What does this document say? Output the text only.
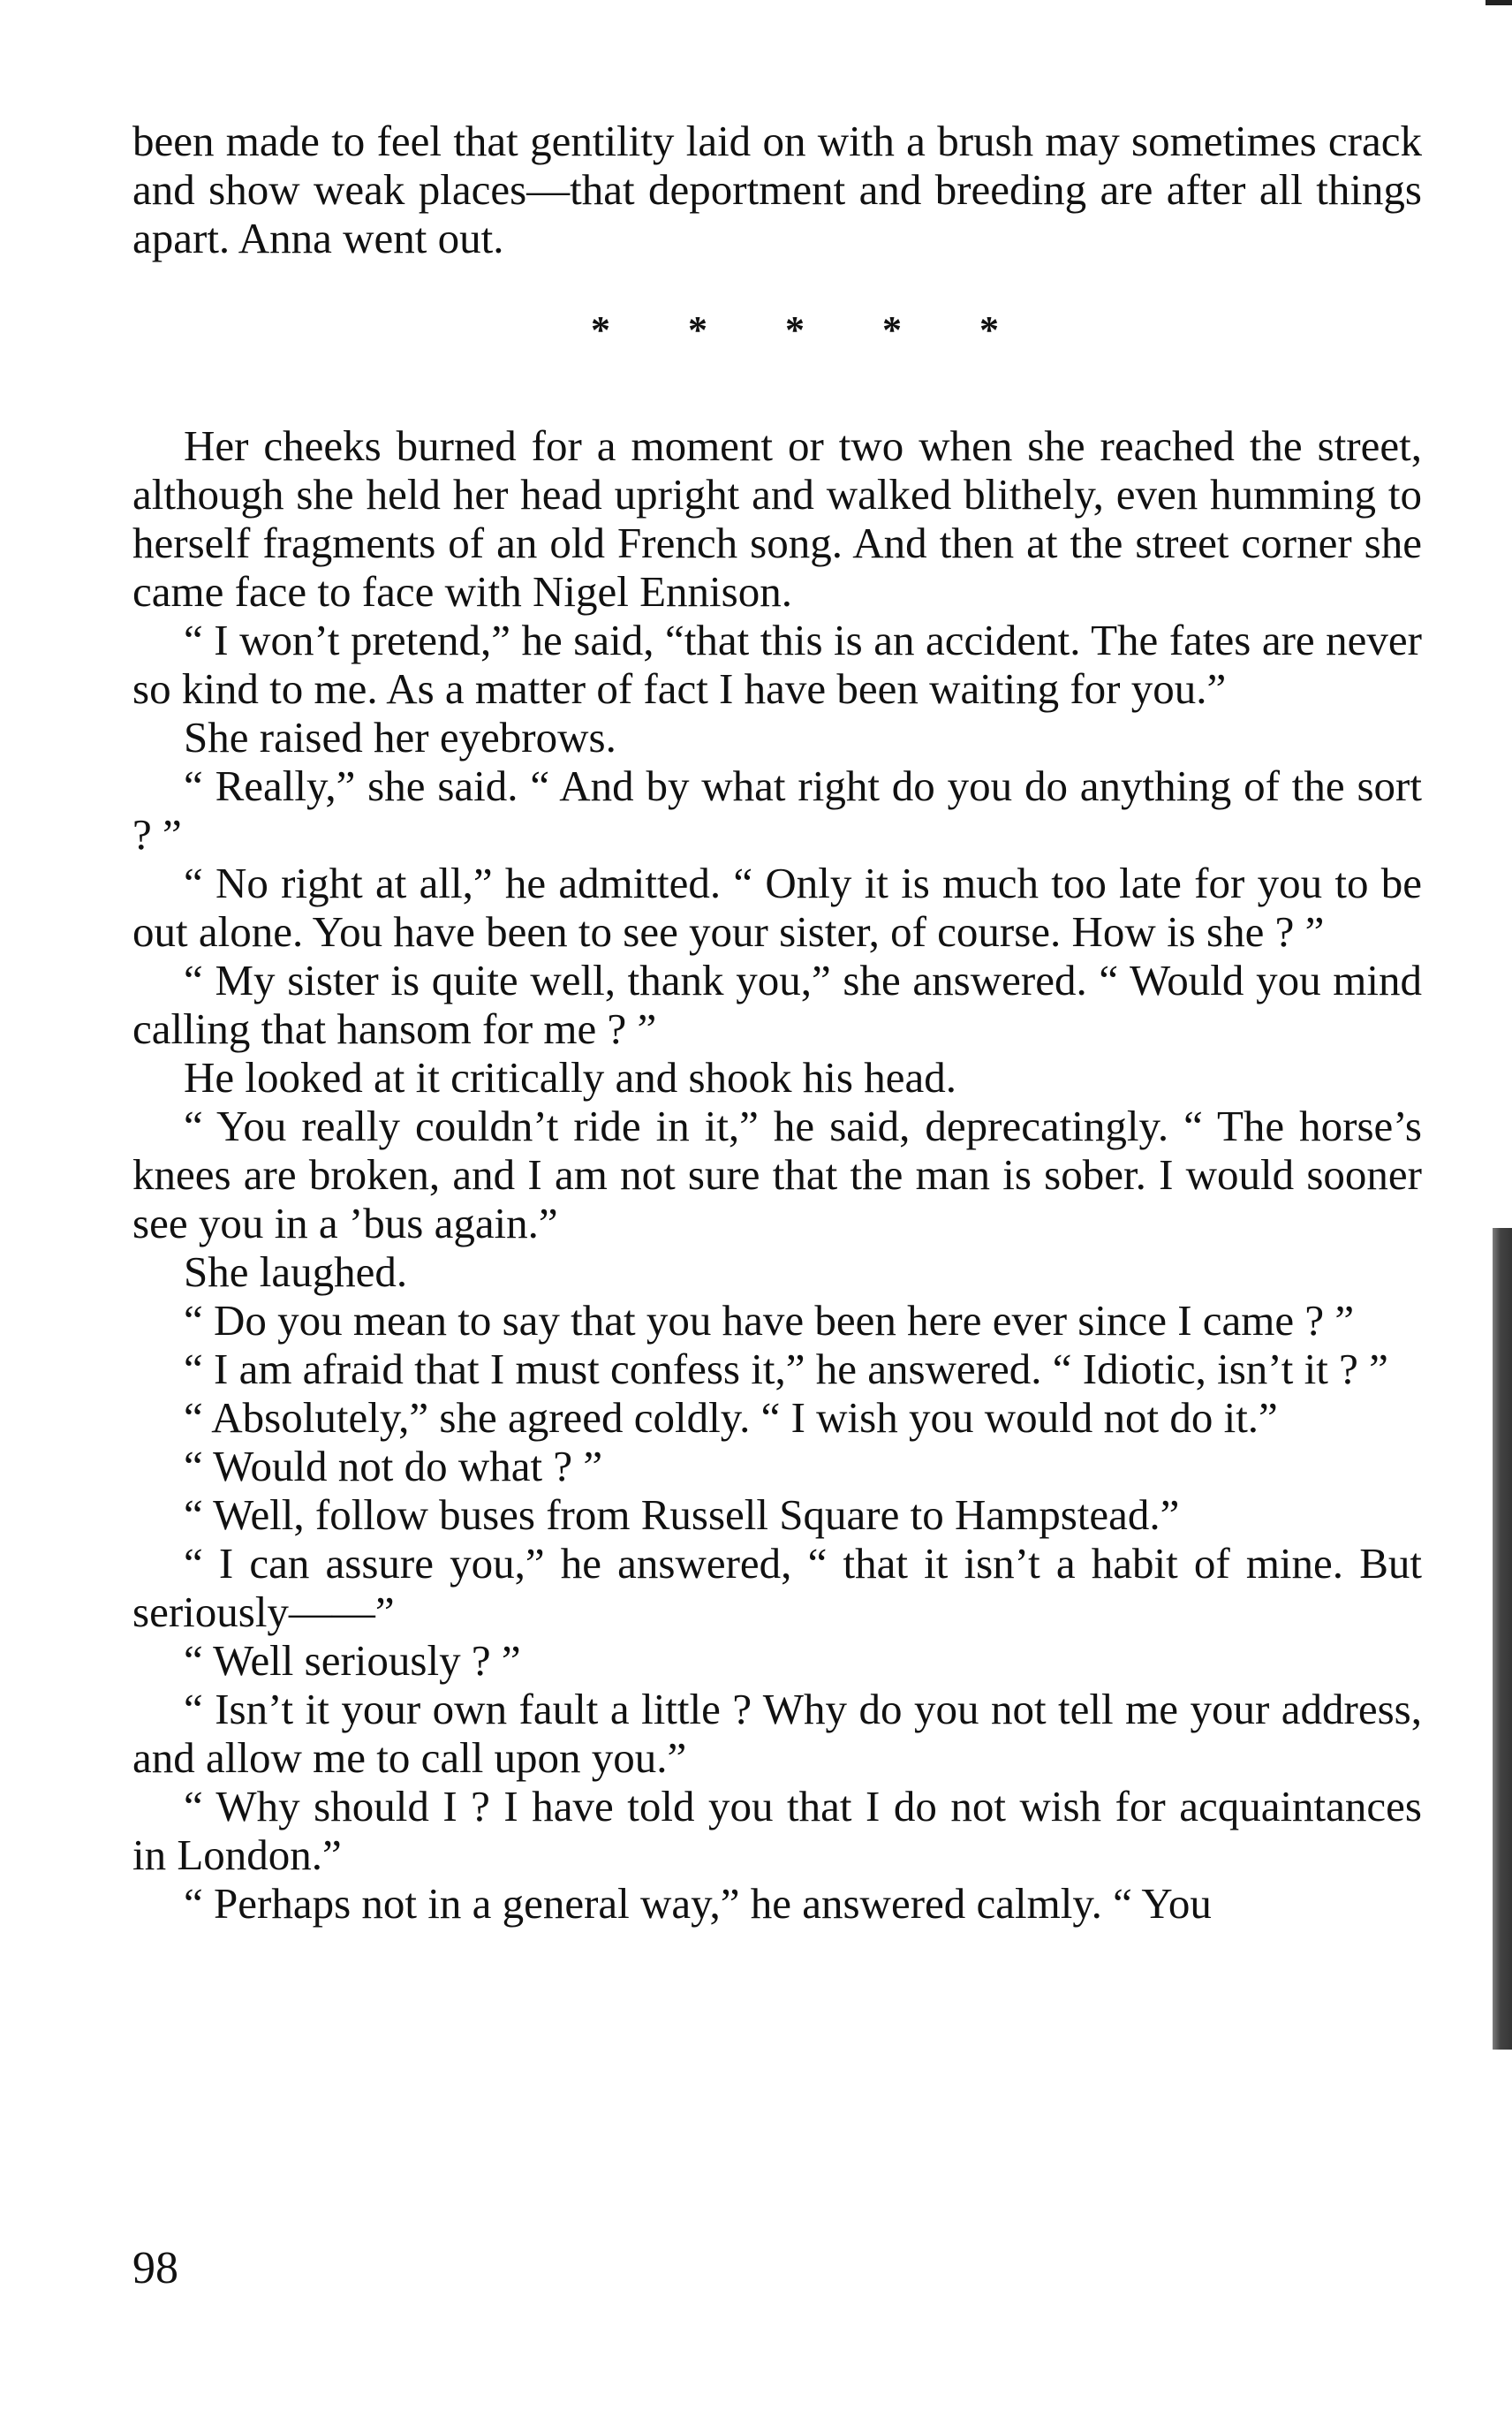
been made to feel that gentility laid on with a brush may sometimes crack and show weak places—that deportment and breeding are after all things apart. Anna went out.

* * * * *

Her cheeks burned for a moment or two when she reached the street, although she held her head upright and walked blithely, even humming to herself fragments of an old French song. And then at the street corner she came face to face with Nigel Ennison.

“ I won’t pretend,” he said, “that this is an accident. The fates are never so kind to me. As a matter of fact I have been waiting for you.”

She raised her eyebrows.

“ Really,” she said. “ And by what right do you do anything of the sort ? ”

“ No right at all,” he admitted. “ Only it is much too late for you to be out alone. You have been to see your sister, of course. How is she ? ”

“ My sister is quite well, thank you,” she answered. “ Would you mind calling that hansom for me ? ”

He looked at it critically and shook his head.

“ You really couldn’t ride in it,” he said, deprecatingly. “ The horse’s knees are broken, and I am not sure that the man is sober. I would sooner see you in a ’bus again.”

She laughed.

“ Do you mean to say that you have been here ever since I came ? ”

“ I am afraid that I must confess it,” he answered. “ Idiotic, isn’t it ? ”

“ Absolutely,” she agreed coldly. “ I wish you would not do it.”

“ Would not do what ? ”

“ Well, follow buses from Russell Square to Hampstead.”

“ I can assure you,” he answered, “ that it isn’t a habit of mine. But seriously——”

“ Well seriously ? ”

“ Isn’t it your own fault a little ? Why do you not tell me your address, and allow me to call upon you.”

“ Why should I ? I have told you that I do not wish for acquaintances in London.”

“ Perhaps not in a general way,” he answered calmly. “ You

98
